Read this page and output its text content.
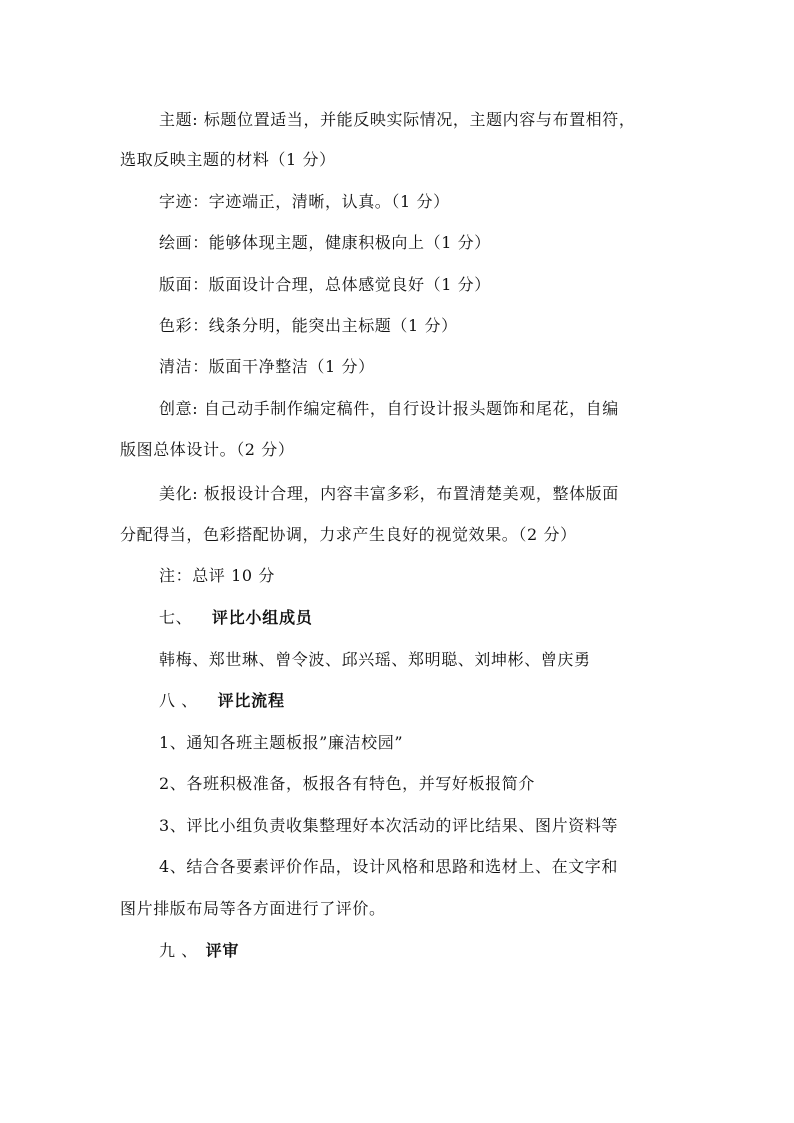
主题: 标题位置适当，并能反映实际情况，主题内容与布置相符，
选取反映主题的材料（1 分）
字迹：字迹端正，清晰，认真。（1 分）
绘画：能够体现主题，健康积极向上（1 分）
版面：版面设计合理，总体感觉良好（1 分）
色彩：线条分明，能突出主标题（1 分）
清洁：版面干净整洁（1 分）
创意: 自己动手制作编定稿件，自行设计报头题饰和尾花，自编
版图总体设计。（2 分）
美化: 板报设计合理，内容丰富多彩，布置清楚美观，整体版面
分配得当，色彩搭配协调，力求产生良好的视觉效果。（2 分）
注：总评 10 分
七、 评比小组成员
韩梅、郑世琳、曾令波、邱兴瑶、郑明聪、刘坤彬、曾庆勇
八 、 评比流程
1、通知各班主题板报”廉洁校园”
2、各班积极准备，板报各有特色，并写好板报简介
3、评比小组负责收集整理好本次活动的评比结果、图片资料等
4、结合各要素评价作品，设计风格和思路和选材上、在文字和
图片排版布局等各方面进行了评价。
九 、 评审
